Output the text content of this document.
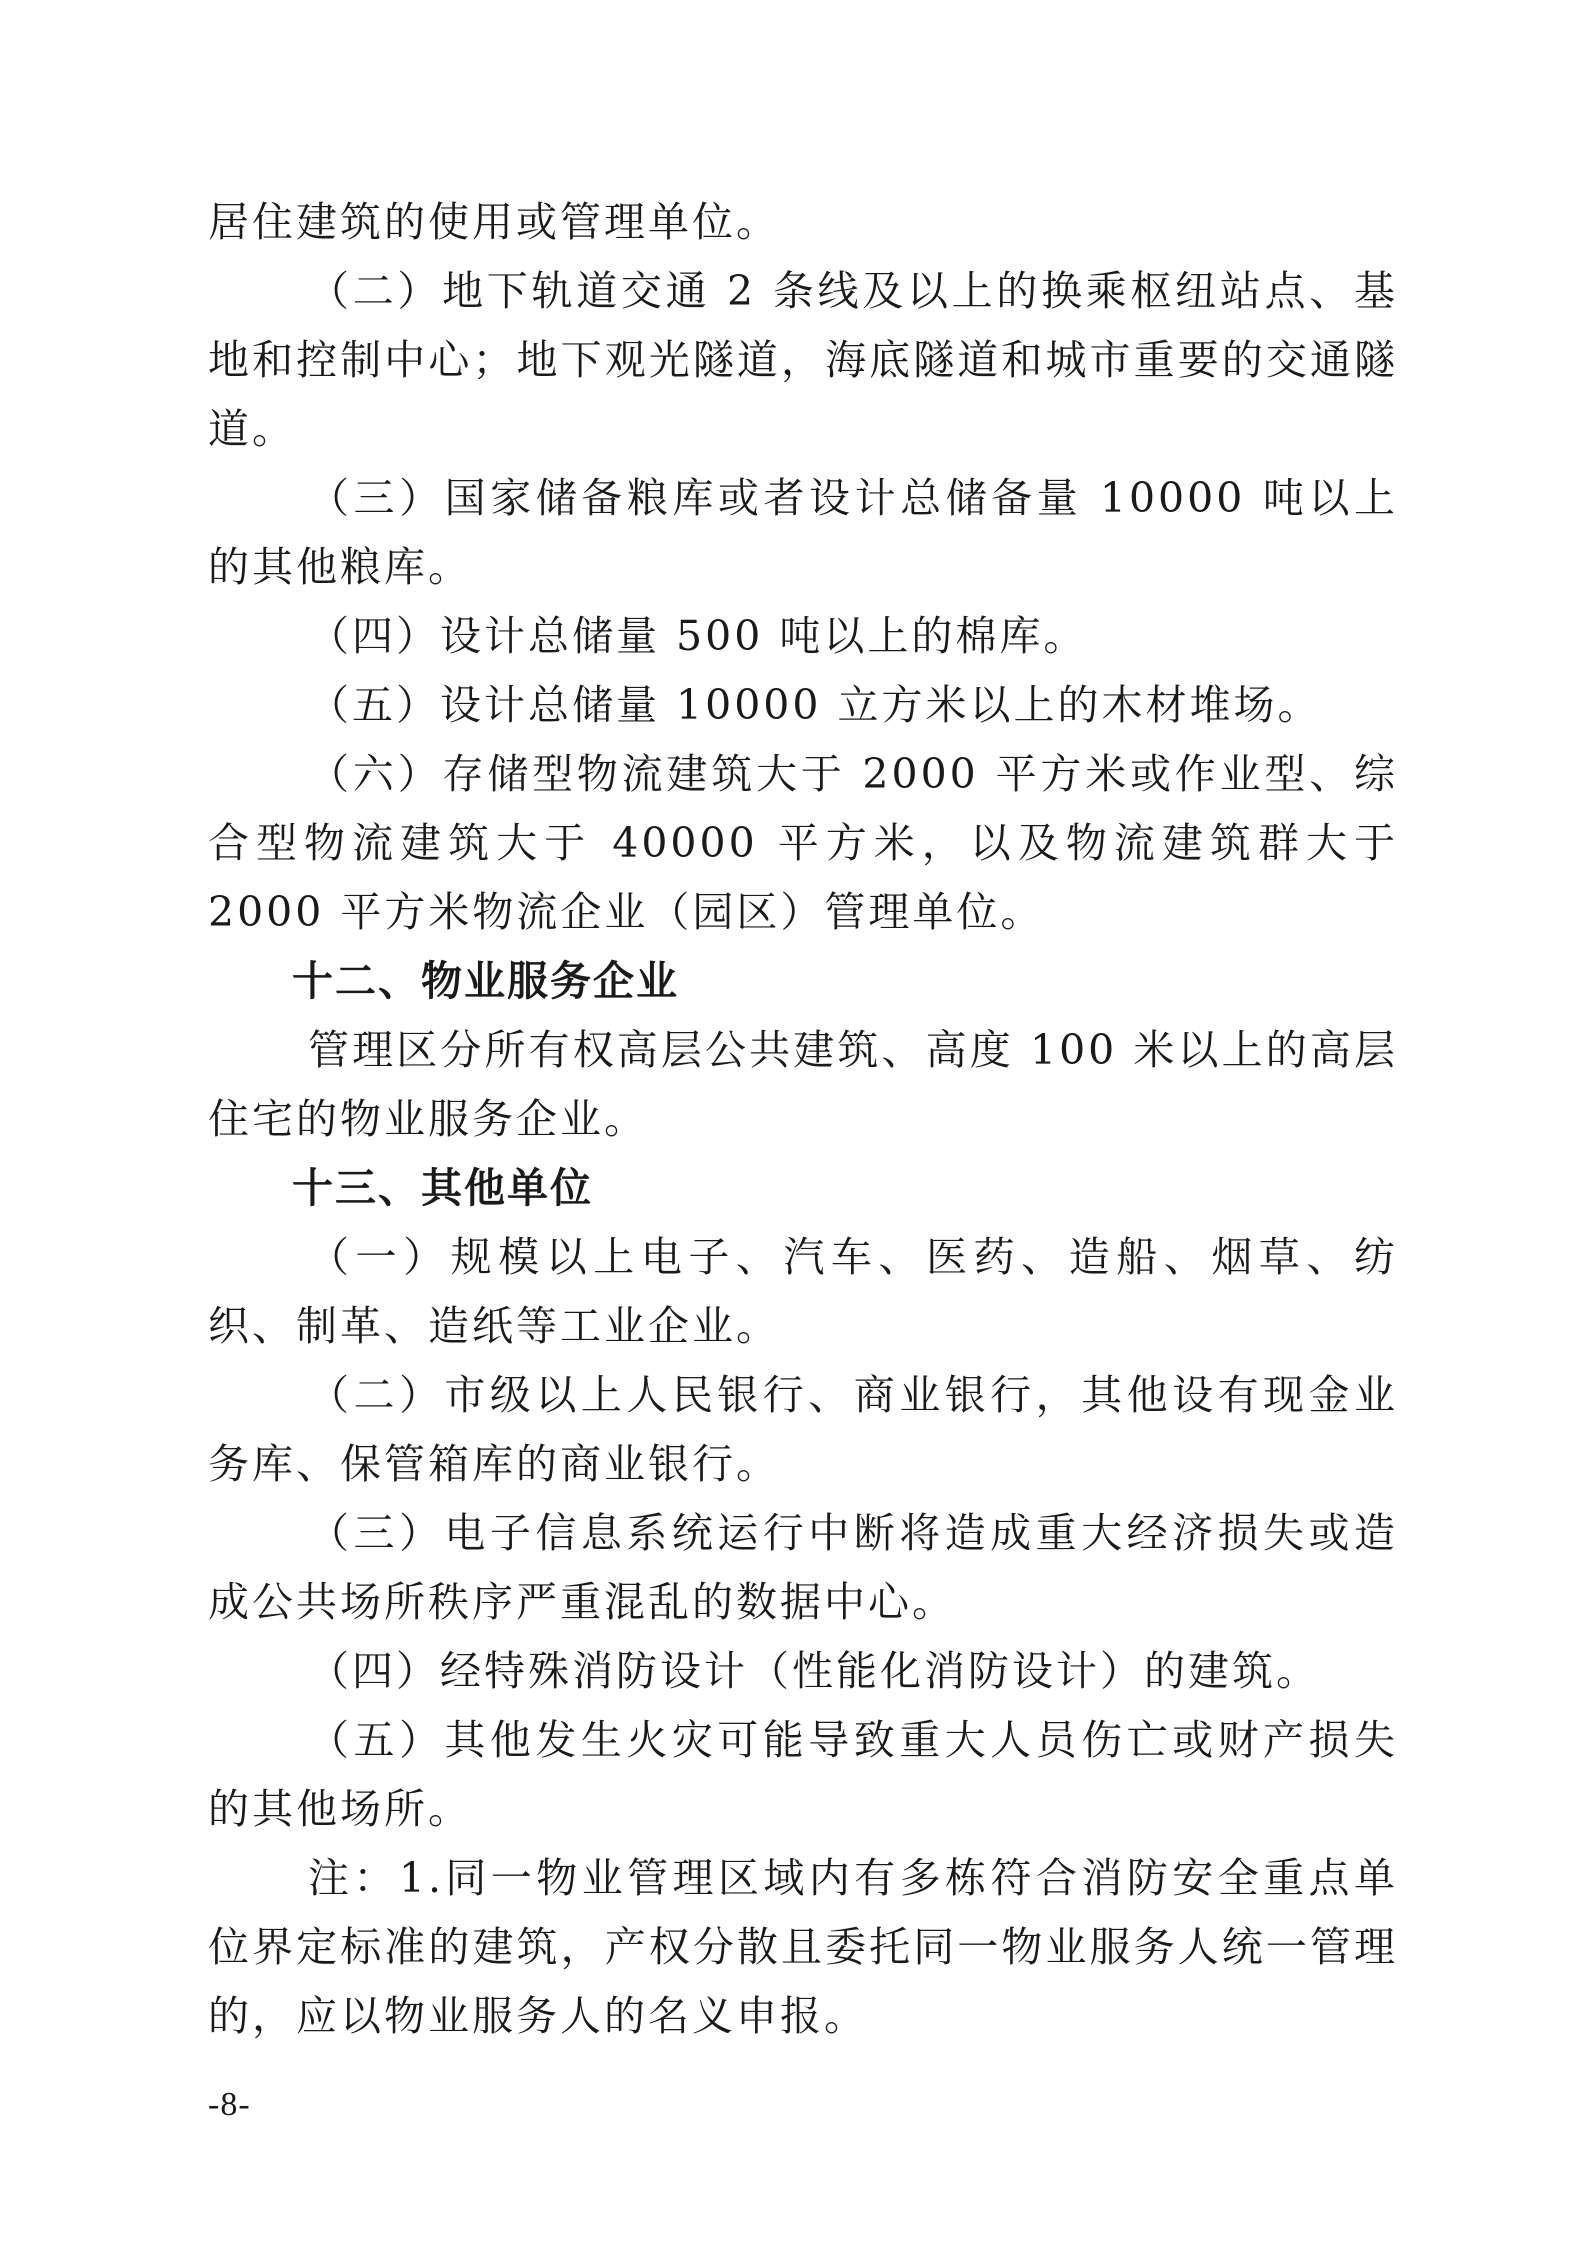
居住建筑的使用或管理单位。

（二）地下轨道交通 2 条线及以上的换乘枢纽站点、基地和控制中心；地下观光隧道，海底隧道和城市重要的交通隧道。

（三）国家储备粮库或者设计总储备量 10000 吨以上的其他粮库。

（四）设计总储量 500 吨以上的棉库。

（五）设计总储量 10000 立方米以上的木材堆场。

（六）存储型物流建筑大于 2000 平方米或作业型、综合型物流建筑大于 40000 平方米，以及物流建筑群大于 2000 平方米物流企业（园区）管理单位。

十二、物业服务企业

管理区分所有权高层公共建筑、高度 100 米以上的高层住宅的物业服务企业。

十三、其他单位

（一）规模以上电子、汽车、医药、造船、烟草、纺织、制革、造纸等工业企业。

（二）市级以上人民银行、商业银行，其他设有现金业务库、保管箱库的商业银行。

（三）电子信息系统运行中断将造成重大经济损失或造成公共场所秩序严重混乱的数据中心。

（四）经特殊消防设计（性能化消防设计）的建筑。

（五）其他发生火灾可能导致重大人员伤亡或财产损失的其他场所。

注：1.同一物业管理区域内有多栋符合消防安全重点单位界定标准的建筑，产权分散且委托同一物业服务人统一管理的，应以物业服务人的名义申报。

-8-
